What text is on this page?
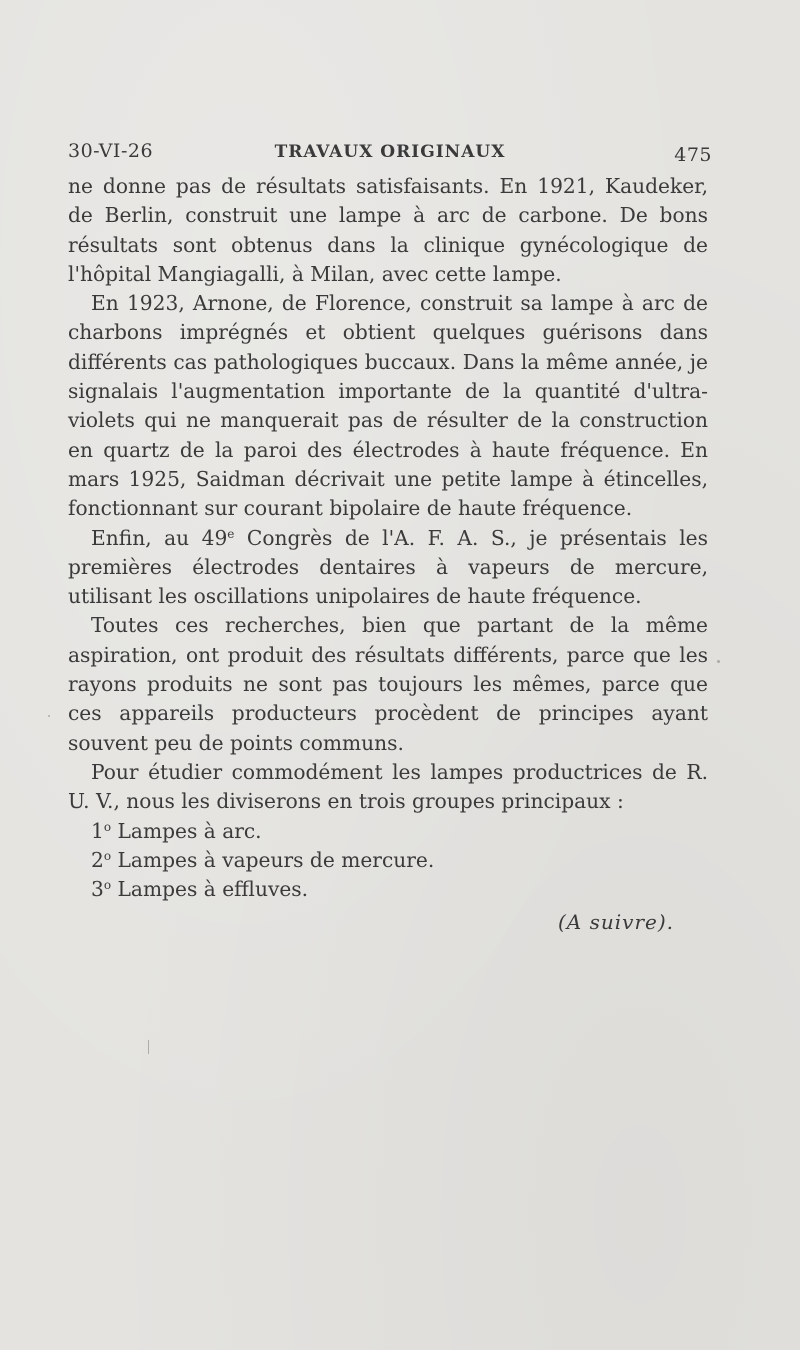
30-VI-26	TRAVAUX ORIGINAUX	475

ne donne pas de résultats satisfaisants. En 1921, Kaudeker, de Berlin, construit une lampe à arc de carbone. De bons résultats sont obtenus dans la clinique gynécologique de l'hôpital Mangiagalli, à Milan, avec cette lampe.

En 1923, Arnone, de Florence, construit sa lampe à arc de charbons imprégnés et obtient quelques guérisons dans différents cas pathologiques buccaux. Dans la même année, je signalais l'augmentation importante de la quantité d'ultra-violets qui ne manquerait pas de résulter de la construction en quartz de la paroi des électrodes à haute fréquence. En mars 1925, Saidman décrivait une petite lampe à étincelles, fonctionnant sur courant bipolaire de haute fréquence.

Enfin, au 49e Congrès de l'A. F. A. S., je présentais les premières électrodes dentaires à vapeurs de mercure, utilisant les oscillations unipolaires de haute fréquence.

Toutes ces recherches, bien que partant de la même aspiration, ont produit des résultats différents, parce que les rayons produits ne sont pas toujours les mêmes, parce que ces appareils producteurs procèdent de principes ayant souvent peu de points communs.

Pour étudier commodément les lampes productrices de R. U. V., nous les diviserons en trois groupes principaux :

1$^o$ Lampes à arc.
2$^o$ Lampes à vapeurs de mercure.
3$^o$ Lampes à effluves.
(A suivre).
